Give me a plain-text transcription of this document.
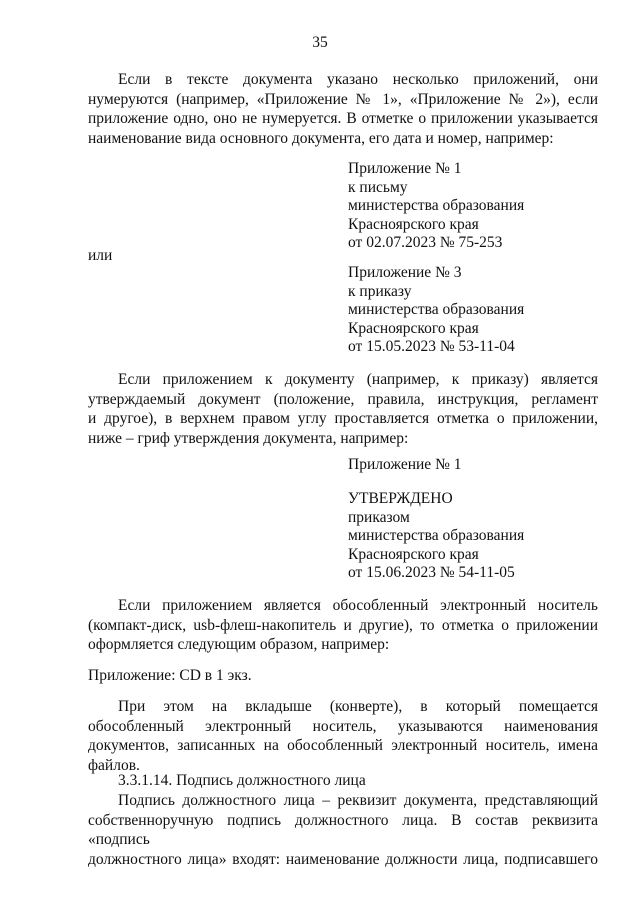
35
Если в тексте документа указано несколько приложений, они
нумеруются (например, «Приложение № 1», «Приложение № 2»), если
приложение одно, оно не нумеруется. В отметке о приложении указывается
наименование вида основного документа, его дата и номер, например:
Приложение № 1
к письму
министерства образования
Красноярского края
от 02.07.2023 № 75-253
или
Приложение № 3
к приказу
министерства образования
Красноярского края
от 15.05.2023 № 53-11-04
Если приложением к документу (например, к приказу) является
утверждаемый документ (положение, правила, инструкция, регламент
и другое), в верхнем правом углу проставляется отметка о приложении,
ниже – гриф утверждения документа, например:
Приложение № 1
УТВЕРЖДЕНО
приказом
министерства образования
Красноярского края
от 15.06.2023 № 54-11-05
Если приложением является обособленный электронный носитель
(компакт-диск, usb-флеш-накопитель и другие), то отметка о приложении
оформляется следующим образом, например:
Приложение: CD в 1 экз.
При этом на вкладыше (конверте), в который помещается
обособленный электронный носитель, указываются наименования
документов, записанных на обособленный электронный носитель, имена
файлов.
3.3.1.14. Подпись должностного лица
Подпись должностного лица – реквизит документа, представляющий
собственноручную подпись должностного лица. В состав реквизита «подпись
должностного лица» входят: наименование должности лица, подписавшего
